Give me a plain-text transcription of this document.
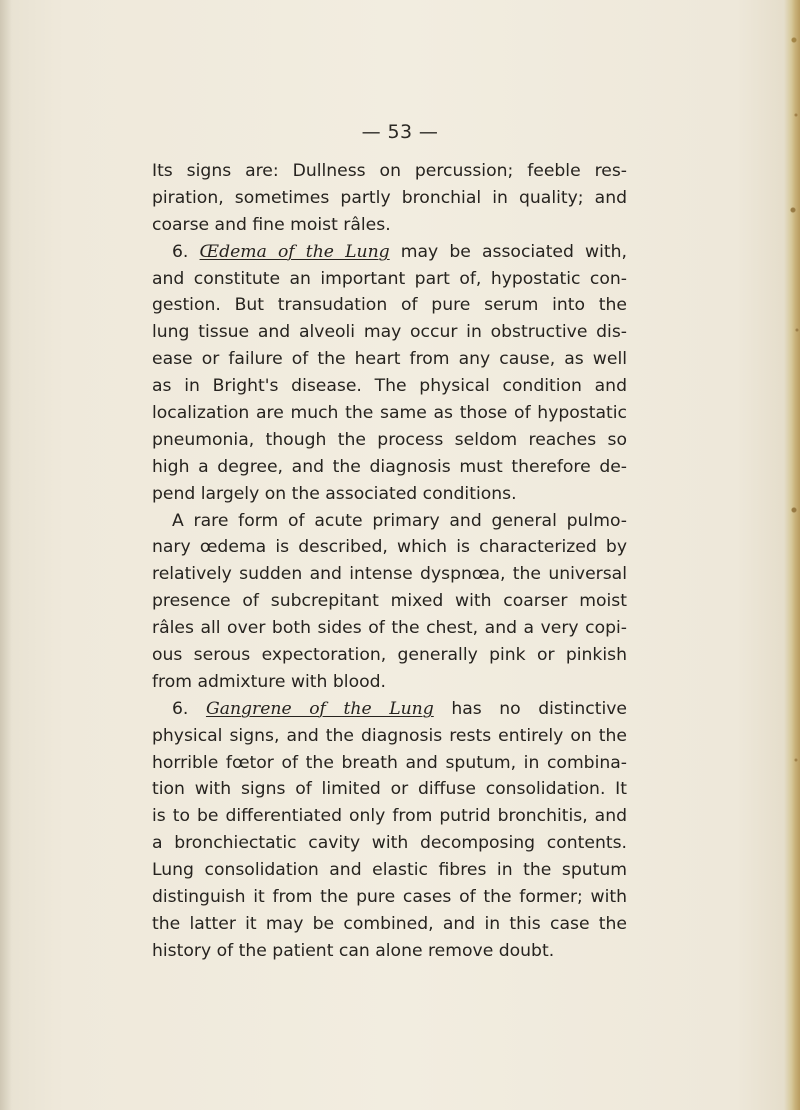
— 53 —
Its signs are: Dullness on percussion; feeble res-
piration, sometimes partly bronchial in quality; and
coarse and fine moist râles.
6. Œdema of the Lung may be associated with,
and constitute an important part of, hypostatic con-
gestion. But transudation of pure serum into the
lung tissue and alveoli may occur in obstructive dis-
ease or failure of the heart from any cause, as well
as in Bright's disease. The physical condition and
localization are much the same as those of hypostatic
pneumonia, though the process seldom reaches so
high a degree, and the diagnosis must therefore de-
pend largely on the associated conditions.
A rare form of acute primary and general pulmo-
nary œdema is described, which is characterized by
relatively sudden and intense dyspnœa, the universal
presence of subcrepitant mixed with coarser moist
râles all over both sides of the chest, and a very copi-
ous serous expectoration, generally pink or pinkish
from admixture with blood.
6. Gangrene of the Lung has no distinctive
physical signs, and the diagnosis rests entirely on the
horrible fœtor of the breath and sputum, in combina-
tion with signs of limited or diffuse consolidation. It
is to be differentiated only from putrid bronchitis, and
a bronchiectatic cavity with decomposing contents.
Lung consolidation and elastic fibres in the sputum
distinguish it from the pure cases of the former; with
the latter it may be combined, and in this case the
history of the patient can alone remove doubt.
